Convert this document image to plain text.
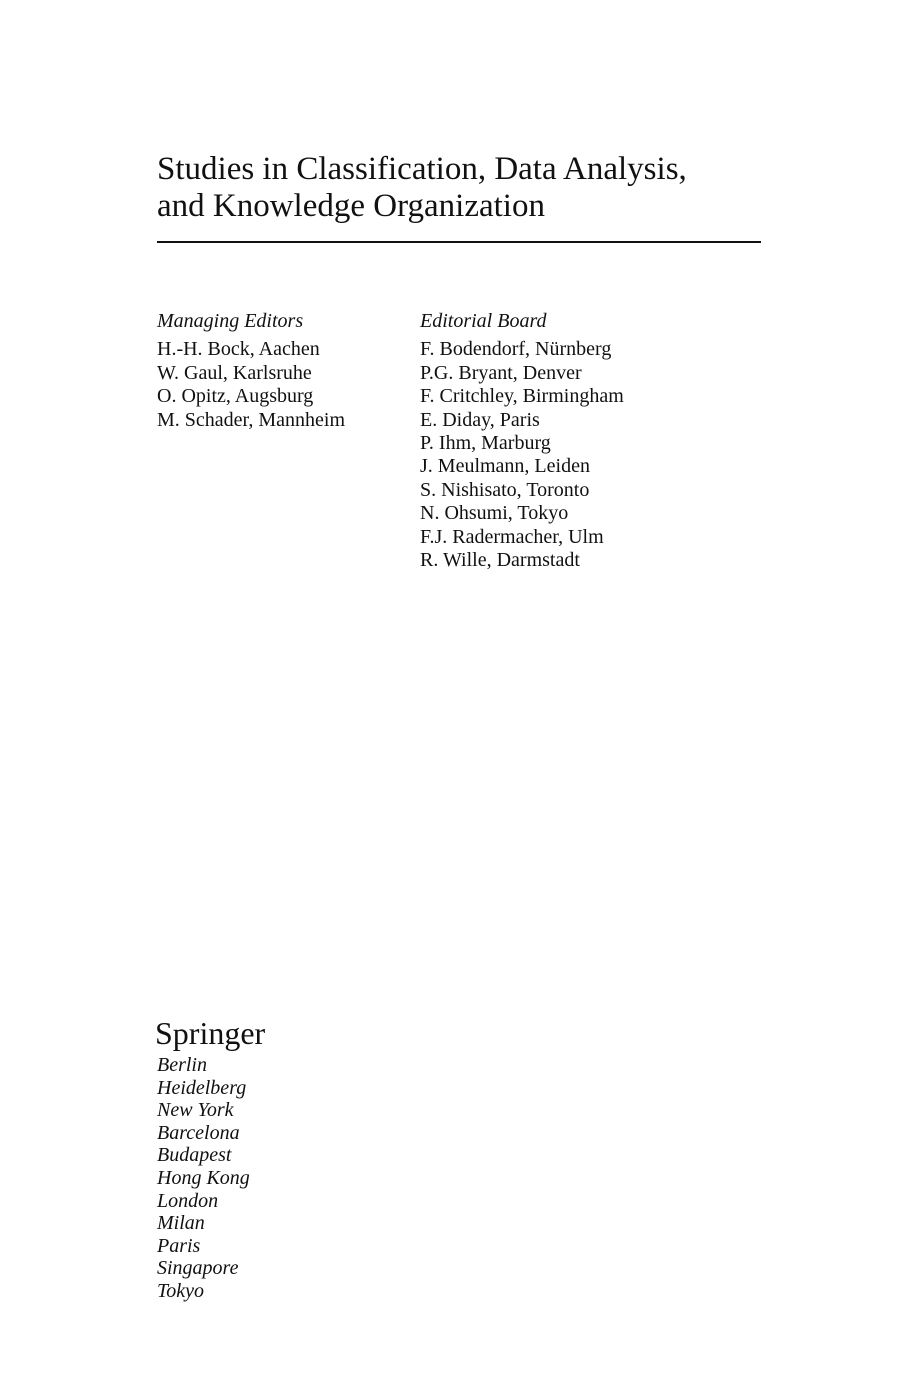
Studies in Classification, Data Analysis,
and Knowledge Organization
Managing Editors
H.-H. Bock, Aachen
W. Gaul, Karlsruhe
O. Opitz, Augsburg
M. Schader, Mannheim
Editorial Board
F. Bodendorf, Nürnberg
P.G. Bryant, Denver
F. Critchley, Birmingham
E. Diday, Paris
P. Ihm, Marburg
J. Meulmann, Leiden
S. Nishisato, Toronto
N. Ohsumi, Tokyo
F.J. Radermacher, Ulm
R. Wille, Darmstadt
Springer
Berlin
Heidelberg
New York
Barcelona
Budapest
Hong Kong
London
Milan
Paris
Singapore
Tokyo
